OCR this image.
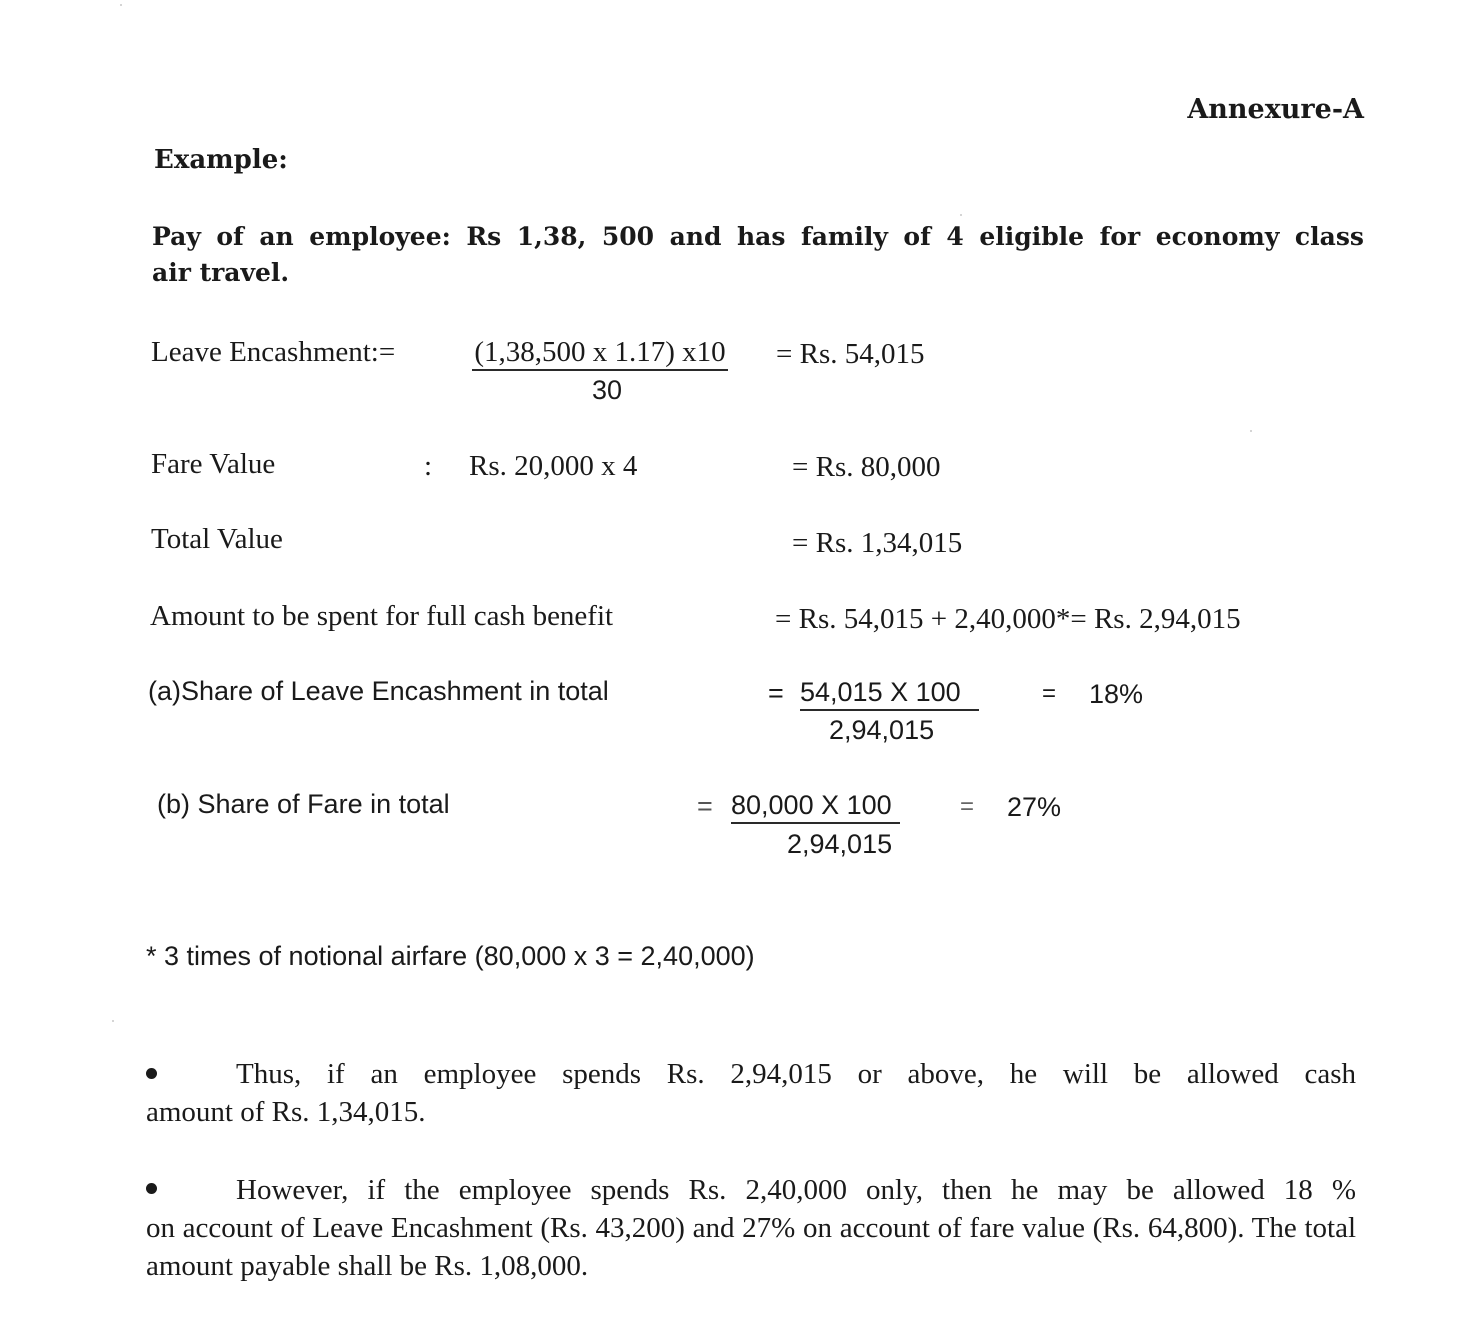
Annexure-A
Example:
Pay of an employee: Rs 1,38, 500 and has family of 4 eligible for economy class
air travel.
Leave Encashment:=	(1,38,500 x 1.17) x10
30
= Rs. 54,015
Fare Value	: Rs. 20,000 x 4	= Rs. 80,000
Total Value	= Rs. 1,34,015
Amount to be spent for full cash benefit	= Rs. 54,015 + 2,40,000*= Rs. 2,94,015
(a)Share of Leave Encashment in total	= 54,015 X 100
2,94,015
= 18%
(b) Share of Fare in total	= 80,000 X 100
2,94,015
= 27%
* 3 times of notional airfare (80,000 x 3 = 2,40,000)
Thus, if an employee spends Rs. 2,94,015 or above, he will be allowed cash
amount of Rs. 1,34,015.
However, if the employee spends Rs. 2,40,000 only, then he may be allowed 18 %
on account of Leave Encashment (Rs. 43,200) and 27% on account of fare value (Rs. 64,800). The total amount payable shall be Rs. 1,08,000.
